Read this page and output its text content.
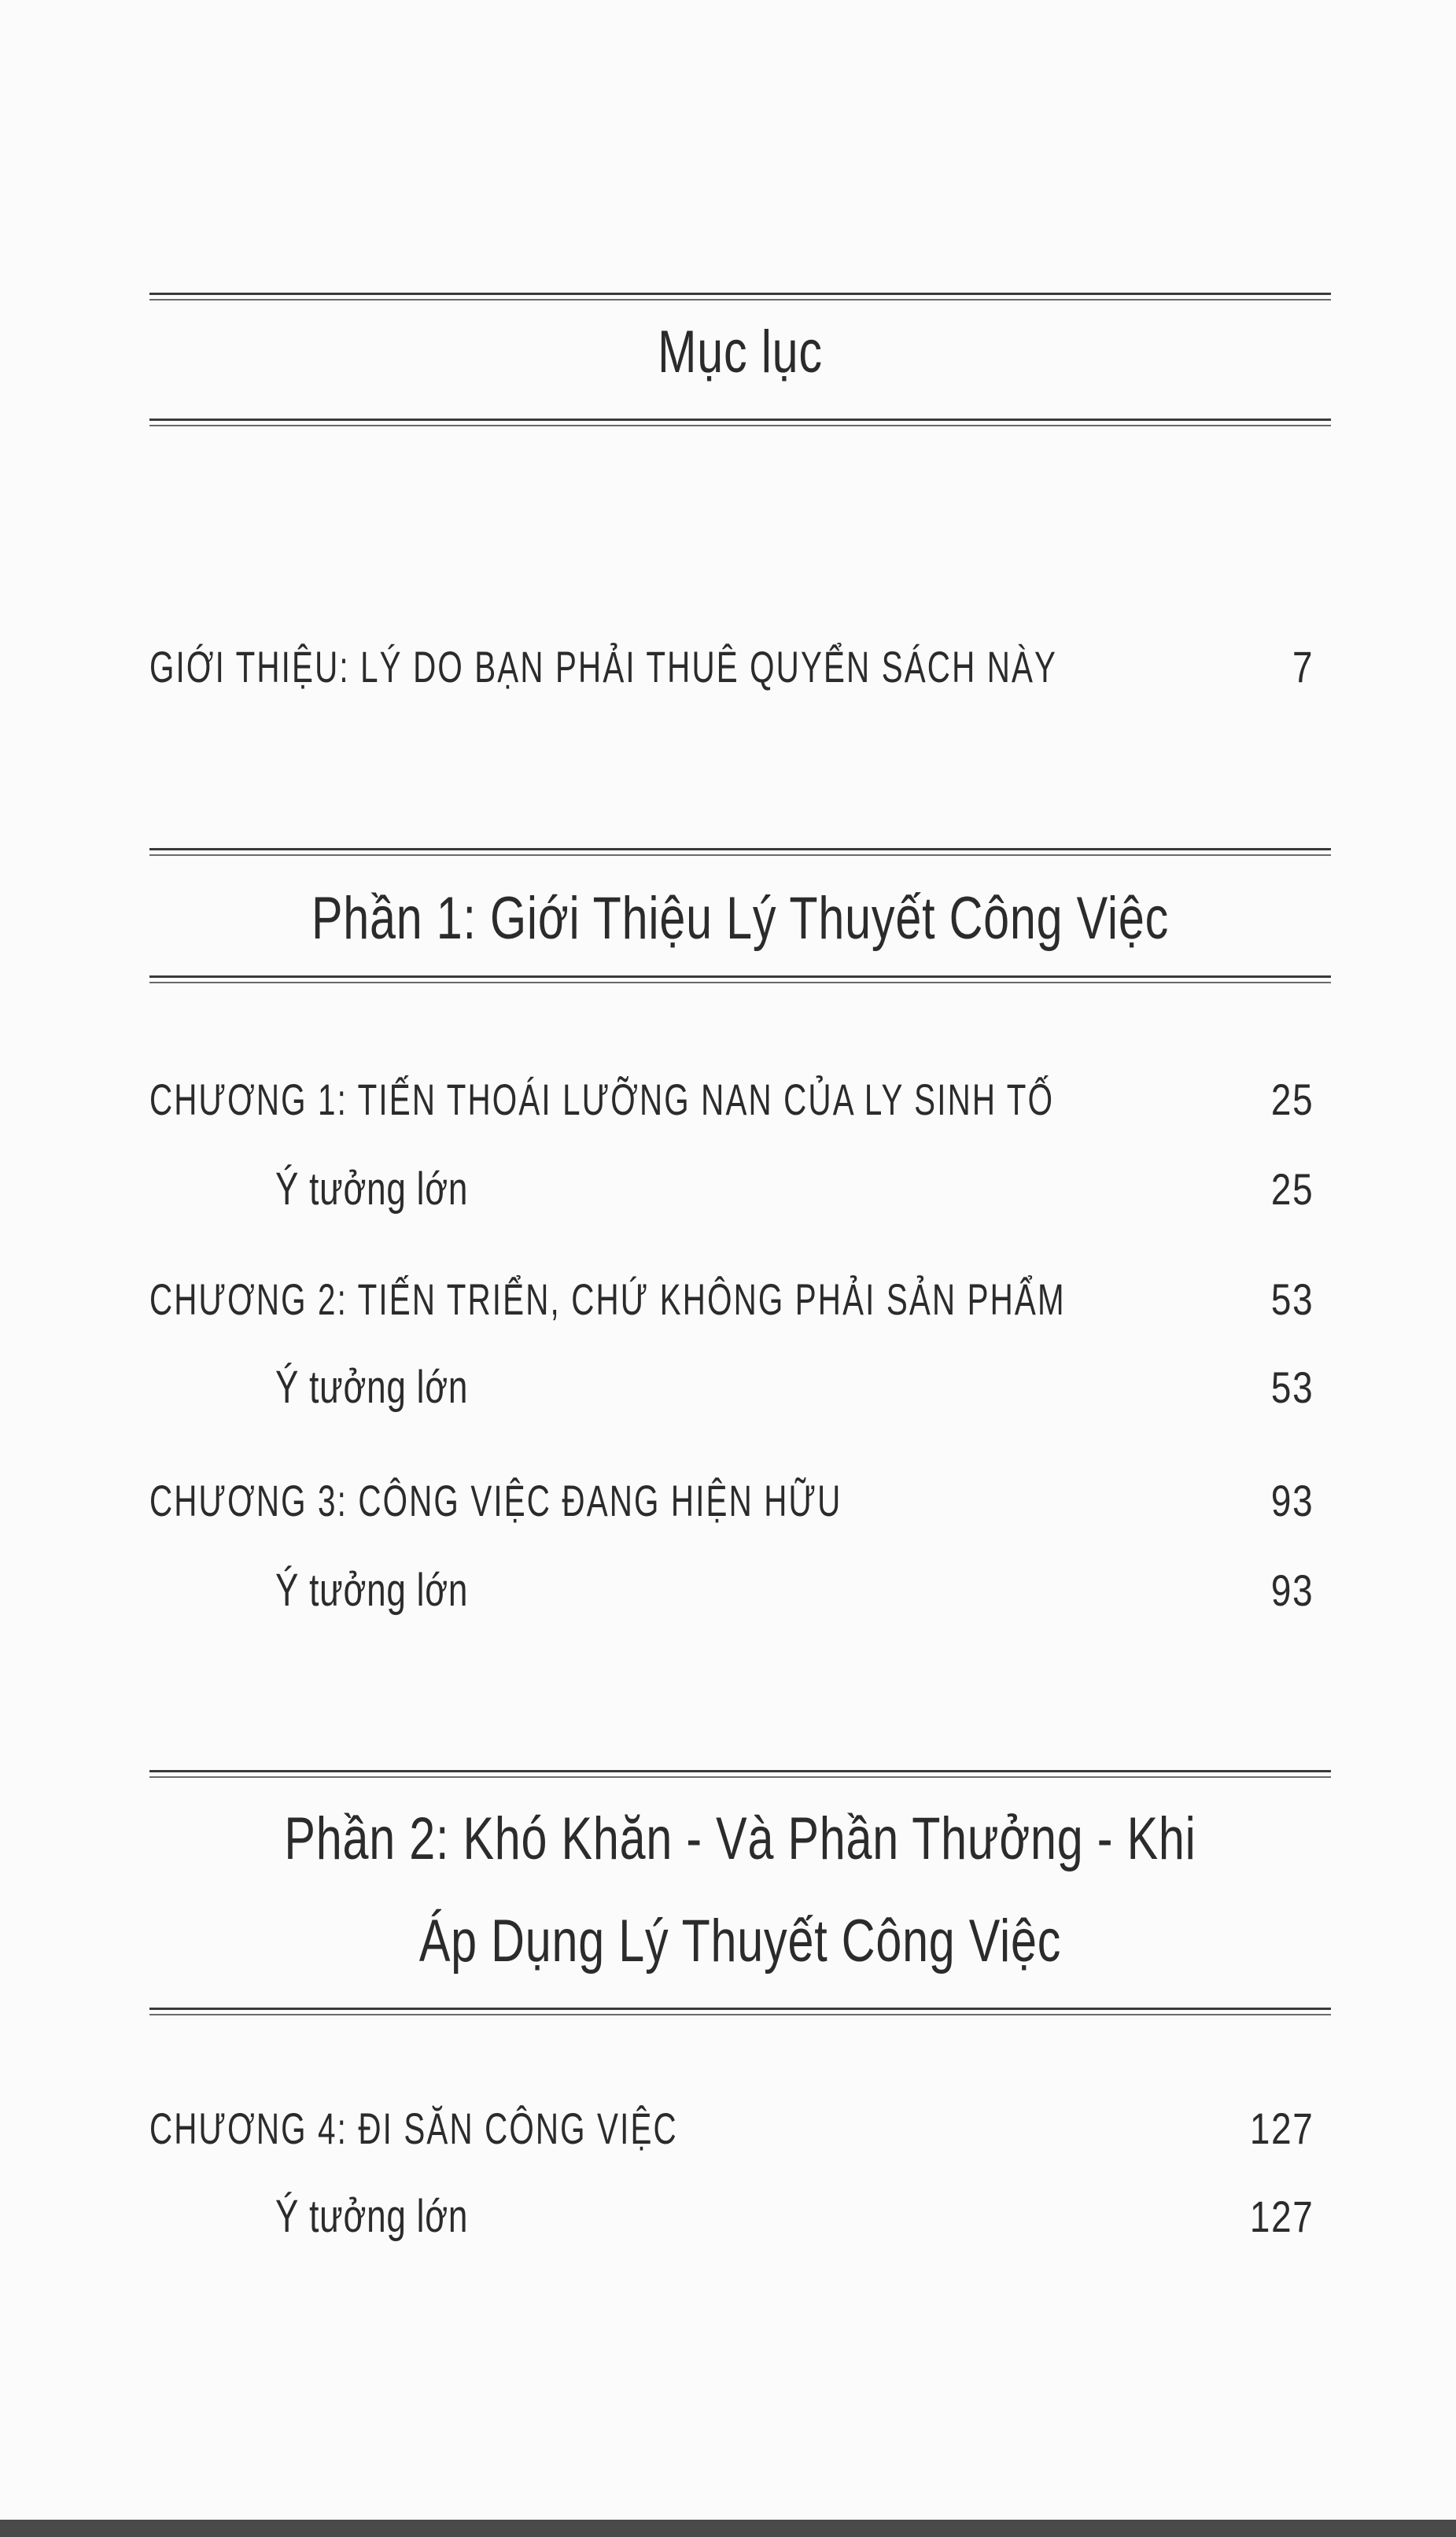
Mục lục
GIỚI THIỆU: LÝ DO BẠN PHẢI THUÊ QUYỂN SÁCH NÀY	7
Phần 1: Giới Thiệu Lý Thuyết Công Việc
CHƯƠNG 1: TIẾN THOÁI LƯỠNG NAN CỦA LY SINH TỐ	25
Ý tưởng lớn	25
CHƯƠNG 2: TIẾN TRIỂN, CHỨ KHÔNG PHẢI SẢN PHẨM	53
Ý tưởng lớn	53
CHƯƠNG 3: CÔNG VIỆC ĐANG HIỆN HỮU	93
Ý tưởng lớn	93
Phần 2: Khó Khăn - Và Phần Thưởng - Khi
Áp Dụng Lý Thuyết Công Việc
CHƯƠNG 4: ĐI SĂN CÔNG VIỆC	127
Ý tưởng lớn	127
